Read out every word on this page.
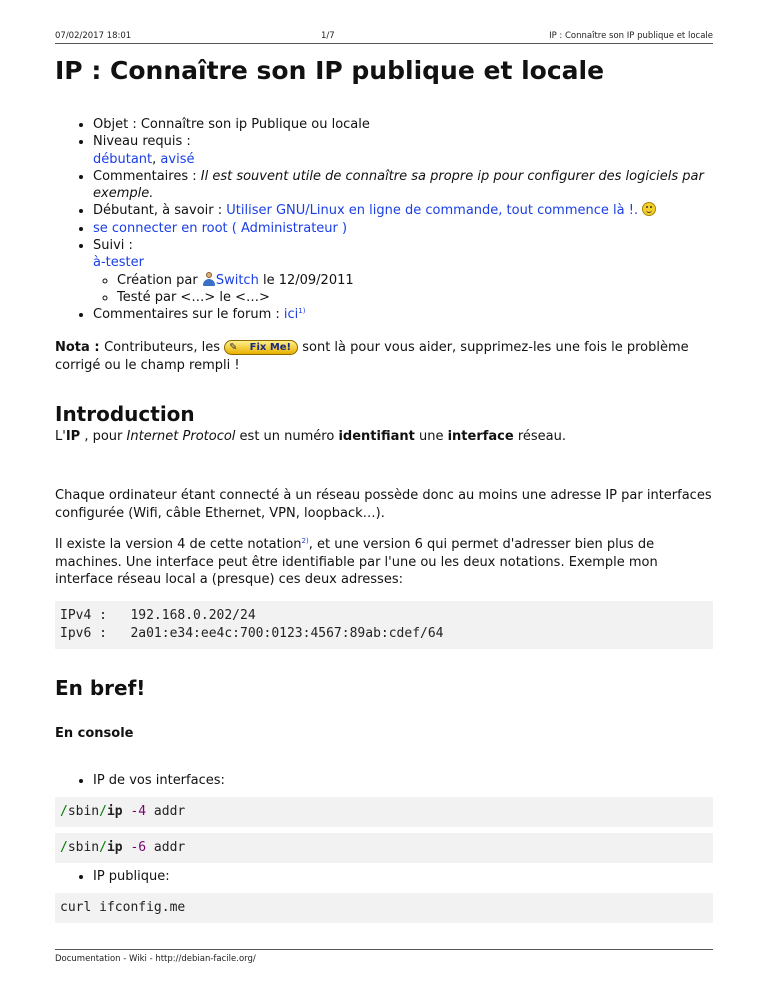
07/02/2017 18:01	1/7	IP : Connaître son IP publique et locale
IP : Connaître son IP publique et locale
• Objet : Connaître son ip Publique ou locale
• Niveau requis :
débutant, avisé
• Commentaires : Il est souvent utile de connaître sa propre ip pour configurer des logiciels par exemple.
• Débutant, à savoir : Utiliser GNU/Linux en ligne de commande, tout commence là !.
• se connecter en root ( Administrateur )
• Suivi :
à-tester
◦ Création par Switch le 12/09/2011
◦ Testé par <…> le <…>
• Commentaires sur le forum : ici$^{1)}$
Nota : Contributeurs, les ✎	Fix Me! sont là pour vous aider, supprimez-les une fois le problème corrigé ou le champ rempli !
Introduction

L'IP , pour Internet Protocol est un numéro identifiant une interface réseau.

Chaque ordinateur étant connecté à un réseau possède donc au moins une adresse IP par interfaces configurée (Wifi, câble Ethernet, VPN, loopback…).

Il existe la version 4 de cette notation$^{2)}$, et une version 6 qui permet d'adresser bien plus de machines. Une interface peut être identifiable par l'une ou les deux notations. Exemple mon interface réseau local a (presque) ces deux adresses:

IPv4 :   192.168.0.202/24
Ipv6 :   2a01:e34:ee4c:700:0123:4567:89ab:cdef/64
En bref!
En console
• IP de vos interfaces:
/sbin/ip -4 addr
/sbin/ip -6 addr
• IP publique:
curl ifconfig.me
Documentation - Wiki - http://debian-facile.org/
